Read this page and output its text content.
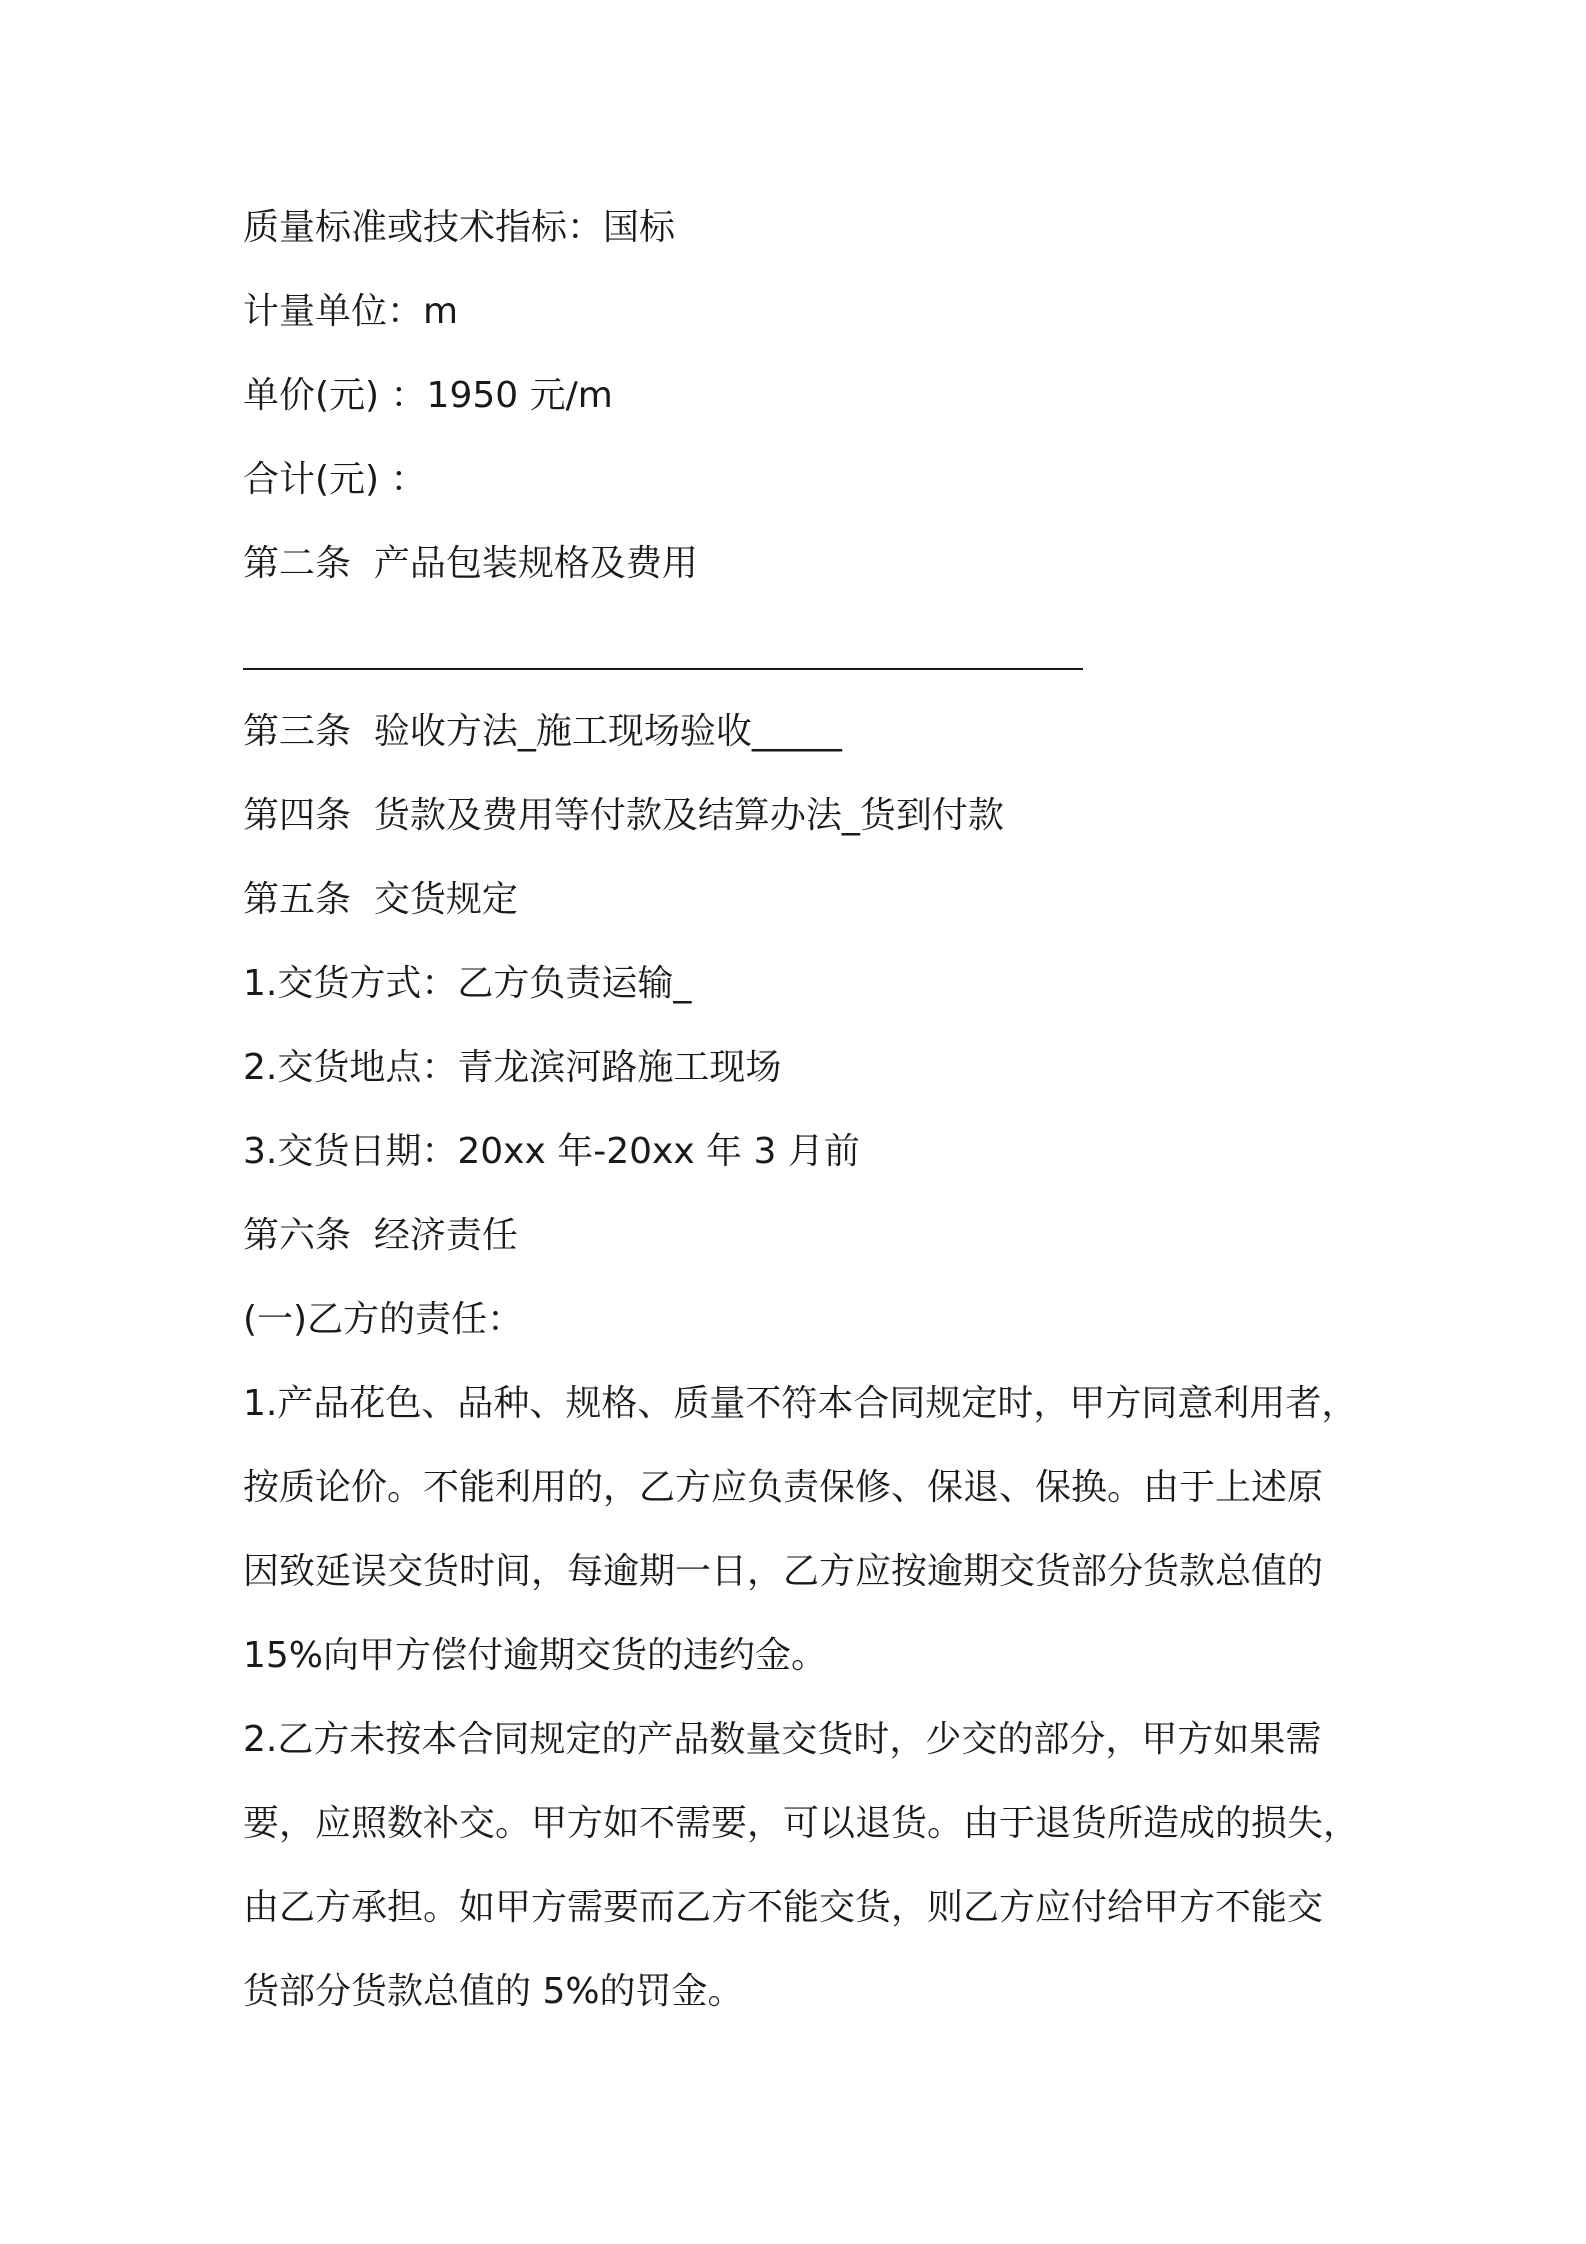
质量标准或技术指标：国标

计量单位：m

单价(元) ：1950 元/m

合计(元) ：

第二条  产品包装规格及费用

第三条  验收方法_施工现场验收_____

第四条  货款及费用等付款及结算办法_货到付款

第五条  交货规定

1.交货方式：乙方负责运输_

2.交货地点：青龙滨河路施工现场

3.交货日期：20xx 年-20xx 年 3 月前

第六条  经济责任

(一)乙方的责任：

1.产品花色、品种、规格、质量不符本合同规定时，甲方同意利用者，

按质论价。不能利用的，乙方应负责保修、保退、保换。由于上述原

因致延误交货时间，每逾期一日，乙方应按逾期交货部分货款总值的

15%向甲方偿付逾期交货的违约金。

2.乙方未按本合同规定的产品数量交货时，少交的部分，甲方如果需

要，应照数补交。甲方如不需要，可以退货。由于退货所造成的损失，

由乙方承担。如甲方需要而乙方不能交货，则乙方应付给甲方不能交

货部分货款总值的 5%的罚金。
